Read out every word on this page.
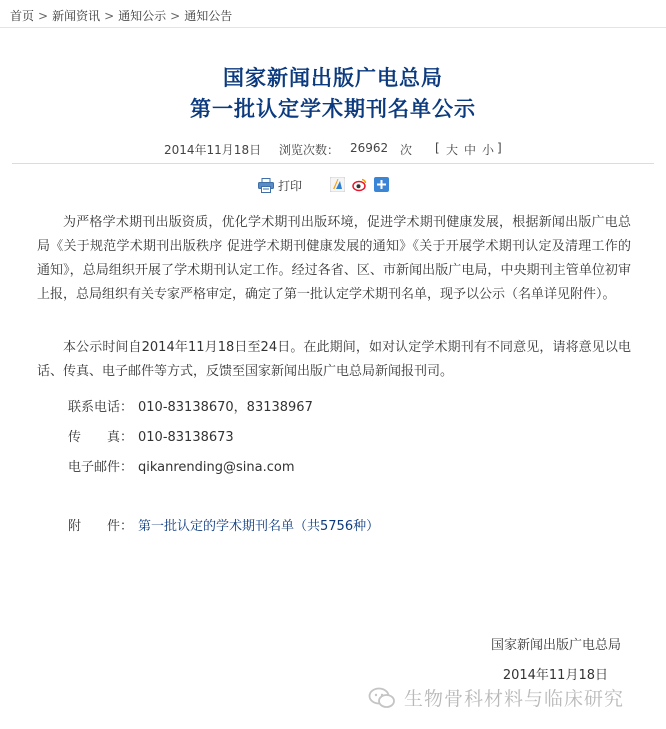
首页 > 新闻资讯 > 通知公示 > 通知公告
国家新闻出版广电总局
第一批认定学术期刊名单公示
2014年11月18日 浏览次数： 26962 次 [ 大 中 小 ]
打印
为严格学术期刊出版资质，优化学术期刊出版环境，促进学术期刊健康发展，根据新闻出版广电总局《关于规范学术期刊出版秩序 促进学术期刊健康发展的通知》《关于开展学术期刊认定及清理工作的通知》，总局组织开展了学术期刊认定工作。经过各省、区、市新闻出版广电局，中央期刊主管单位初审上报，总局组织有关专家严格审定，确定了第一批认定学术期刊名单，现予以公示（名单详见附件）。
本公示时间自2014年11月18日至24日。在此期间，如对认定学术期刊有不同意见，请将意见以电话、传真、电子邮件等方式，反馈至国家新闻出版广电总局新闻报刊司。
联系电话： 010-83138670，83138967
传　　真： 010-83138673
电子邮件： qikanrending@sina.com
附　　件： 第一批认定的学术期刊名单（共5756种）
国家新闻出版广电总局
2014年11月18日
生物骨科材料与临床研究
